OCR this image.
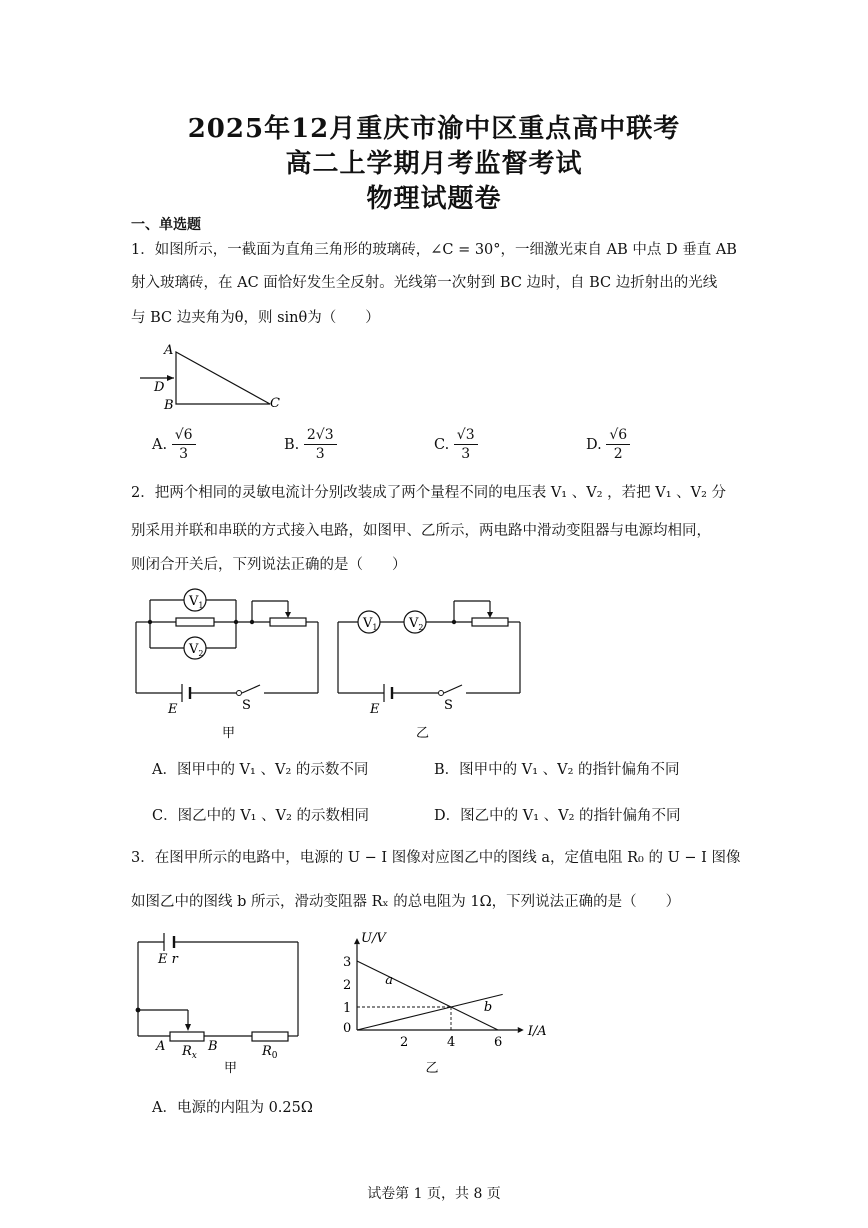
2025年12月重庆市渝中区重点高中联考
高二上学期月考监督考试
物理试题卷
一、单选题
1．如图所示，一截面为直角三角形的玻璃砖，∠C = 30°，一细激光束自 AB 中点 D 垂直 AB
射入玻璃砖，在 AC 面恰好发生全反射。光线第一次射到 BC 边时，自 BC 边折射出的光线
与 BC 边夹角为θ，则 sinθ为（　　）
A
D
B	C
A. $\frac{√6}{3}$	B. $\frac{2√3}{3}$	C. $\frac{√3}{3}$	D. $\frac{√6}{2}$
2．把两个相同的灵敏电流计分别改装成了两个量程不同的电压表 V₁ 、V₂ ，若把 V₁ 、V₂ 分
别采用并联和串联的方式接入电路，如图甲、乙所示，两电路中滑动变阻器与电源均相同，
则闭合开关后，下列说法正确的是（　　）
$V_1$
$V_2$
E	S
甲
$V_1$ $V_2$
E	S
乙
A．图甲中的 V₁ 、V₂ 的示数不同	B．图甲中的 V₁ 、V₂ 的指针偏角不同
C．图乙中的 V₁ 、V₂ 的示数相同	D．图乙中的 V₁ 、V₂ 的指针偏角不同
3．在图甲所示的电路中，电源的 U − I 图像对应图乙中的图线 a，定值电阻 R₀ 的 U − I 图像
如图乙中的图线 b 所示，滑动变阻器 Rₓ 的总电阻为 1Ω，下列说法正确的是（　　）
E r
A	B
$R_x$	$R_0$
甲
2	4	6
0
1
2
3
a
b
U/V
I/A
乙
A．电源的内阻为 0.25Ω
试卷第 1 页，共 8 页
